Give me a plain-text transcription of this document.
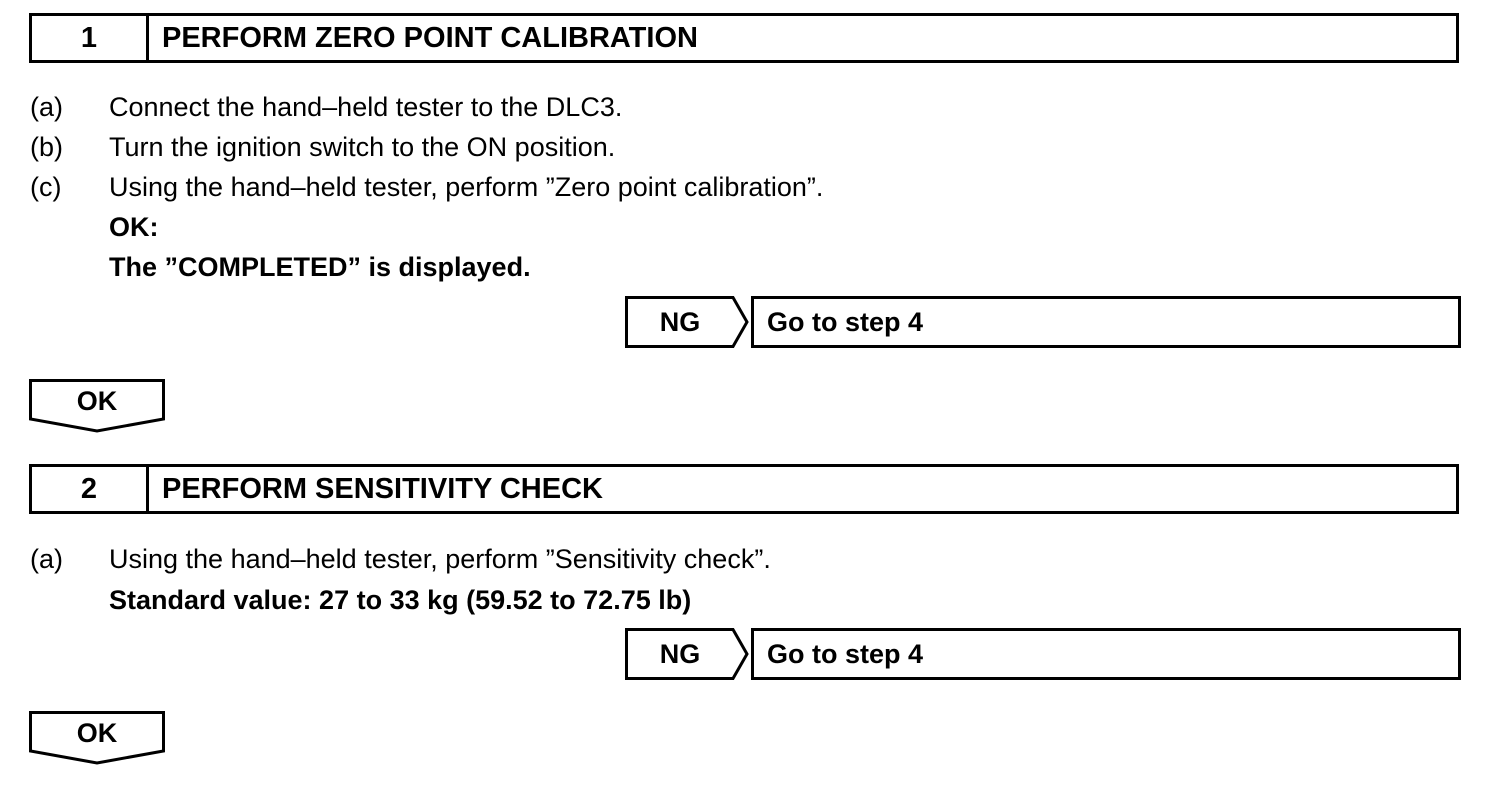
1	PERFORM ZERO POINT CALIBRATION
(a) Connect the hand–held tester to the DLC3.
(b) Turn the ignition switch to the ON position.
(c) Using the hand–held tester, perform ”Zero point calibration”.
OK:
The ”COMPLETED” is displayed.
NG	Go to step 4
OK
2	PERFORM SENSITIVITY CHECK
(a) Using the hand–held tester, perform ”Sensitivity check”.
Standard value: 27 to 33 kg (59.52 to 72.75 lb)
NG	Go to step 4
OK
